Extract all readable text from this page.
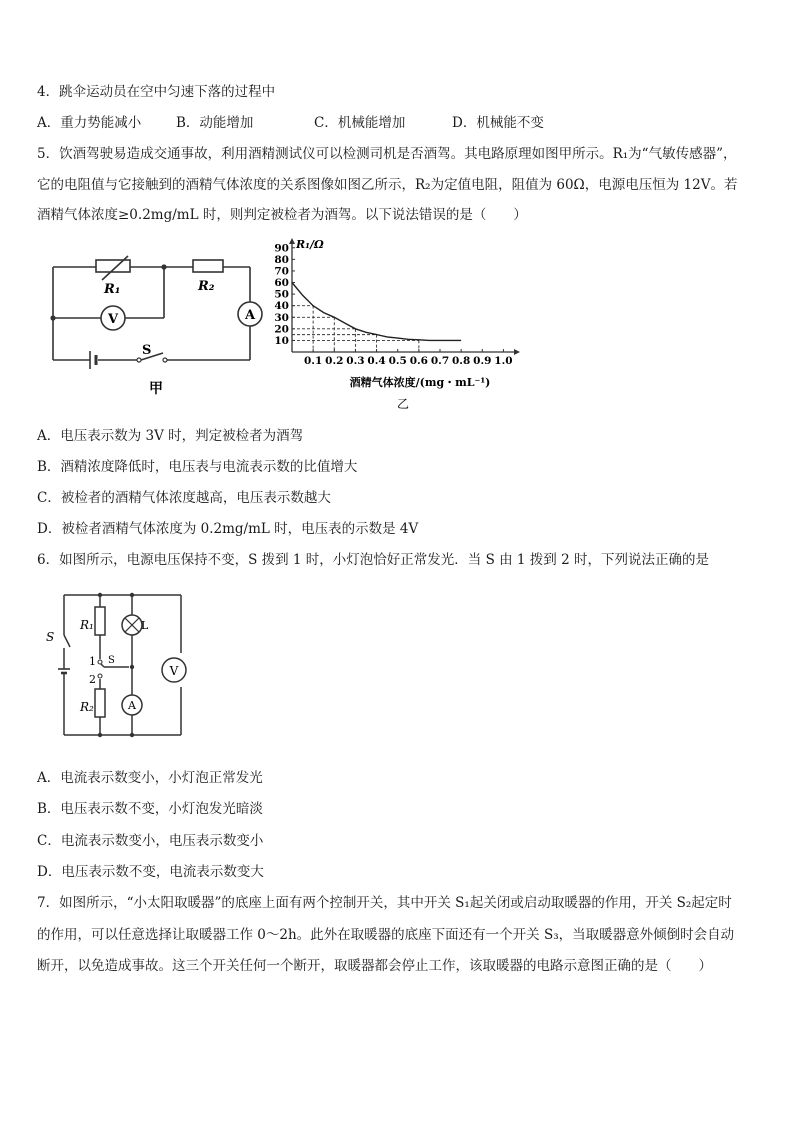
4．跳伞运动员在空中匀速下落的过程中
A．重力势能减小	B．动能增加	C．机械能增加	D．机械能不变
5．饮酒驾驶易造成交通事故，利用酒精测试仪可以检测司机是否酒驾。其电路原理如图甲所示。R₁为“气敏传感器”，
它的电阻值与它接触到的酒精气体浓度的关系图像如图乙所示，R₂为定值电阻，阻值为 60Ω，电源电压恒为 12V。若
酒精气体浓度≥0.2mg/mL 时，则判定被检者为酒驾。以下说法错误的是（　　）
V	A
R₁	R₂
S
甲
R₁/Ω
酒精气体浓度/(mg・mL⁻¹)
乙
0.1 0.2 0.3 0.4 0.5 0.6 0.7 0.8 0.9 1.0
10
20
30
40
50
60
70
80
90
A．电压表示数为 3V 时，判定被检者为酒驾
B．酒精浓度降低时，电压表与电流表示数的比值增大
C．被检者的酒精气体浓度越高，电压表示数越大
D．被检者酒精气体浓度为 0.2mg/mL 时，电压表的示数是 4V
6．如图所示，电源电压保持不变，S 拨到 1 时，小灯泡恰好正常发光．当 S 由 1 拨到 2 时，下列说法正确的是
A
V
S
R₁
R₂
L
1
2
S
A．电流表示数变小，小灯泡正常发光
B．电压表示数不变，小灯泡发光暗淡
C．电流表示数变小，电压表示数变小
D．电压表示数不变，电流表示数变大
7．如图所示，“小太阳取暖器”的底座上面有两个控制开关，其中开关 S₁起关闭或启动取暖器的作用，开关 S₂起定时
的作用，可以任意选择让取暖器工作 0～2h。此外在取暖器的底座下面还有一个开关 S₃，当取暖器意外倾倒时会自动
断开，以免造成事故。这三个开关任何一个断开，取暖器都会停止工作，该取暖器的电路示意图正确的是（　　）
